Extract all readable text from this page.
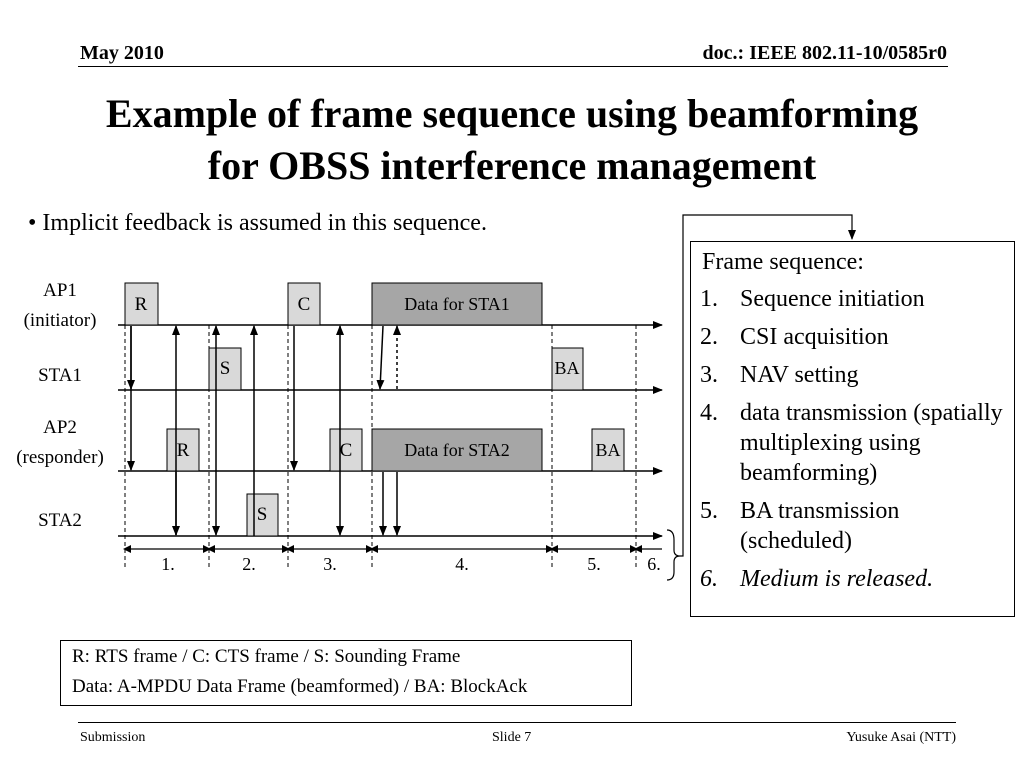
May 2010	doc.: IEEE 802.11-10/0585r0
Example of frame sequence using beamforming
for OBSS interference management
• Implicit feedback is assumed in this sequence.
AP1
(initiator)
STA1
AP2
(responder)
STA2
R	C	Data for STA1
S	BA
R	C	Data for STA2	BA
S
1.	2.	3.	4.	5.	6.
Frame sequence:
1. Sequence initiation
2. CSI acquisition
3. NAV setting
4. data transmission (spatially multiplexing using beamforming)
5. BA transmission (scheduled)
6. Medium is released.
R: RTS frame / C: CTS frame / S: Sounding Frame
Data: A-MPDU Data Frame (beamformed) / BA: BlockAck
Submission	Slide 7	Yusuke Asai (NTT)
